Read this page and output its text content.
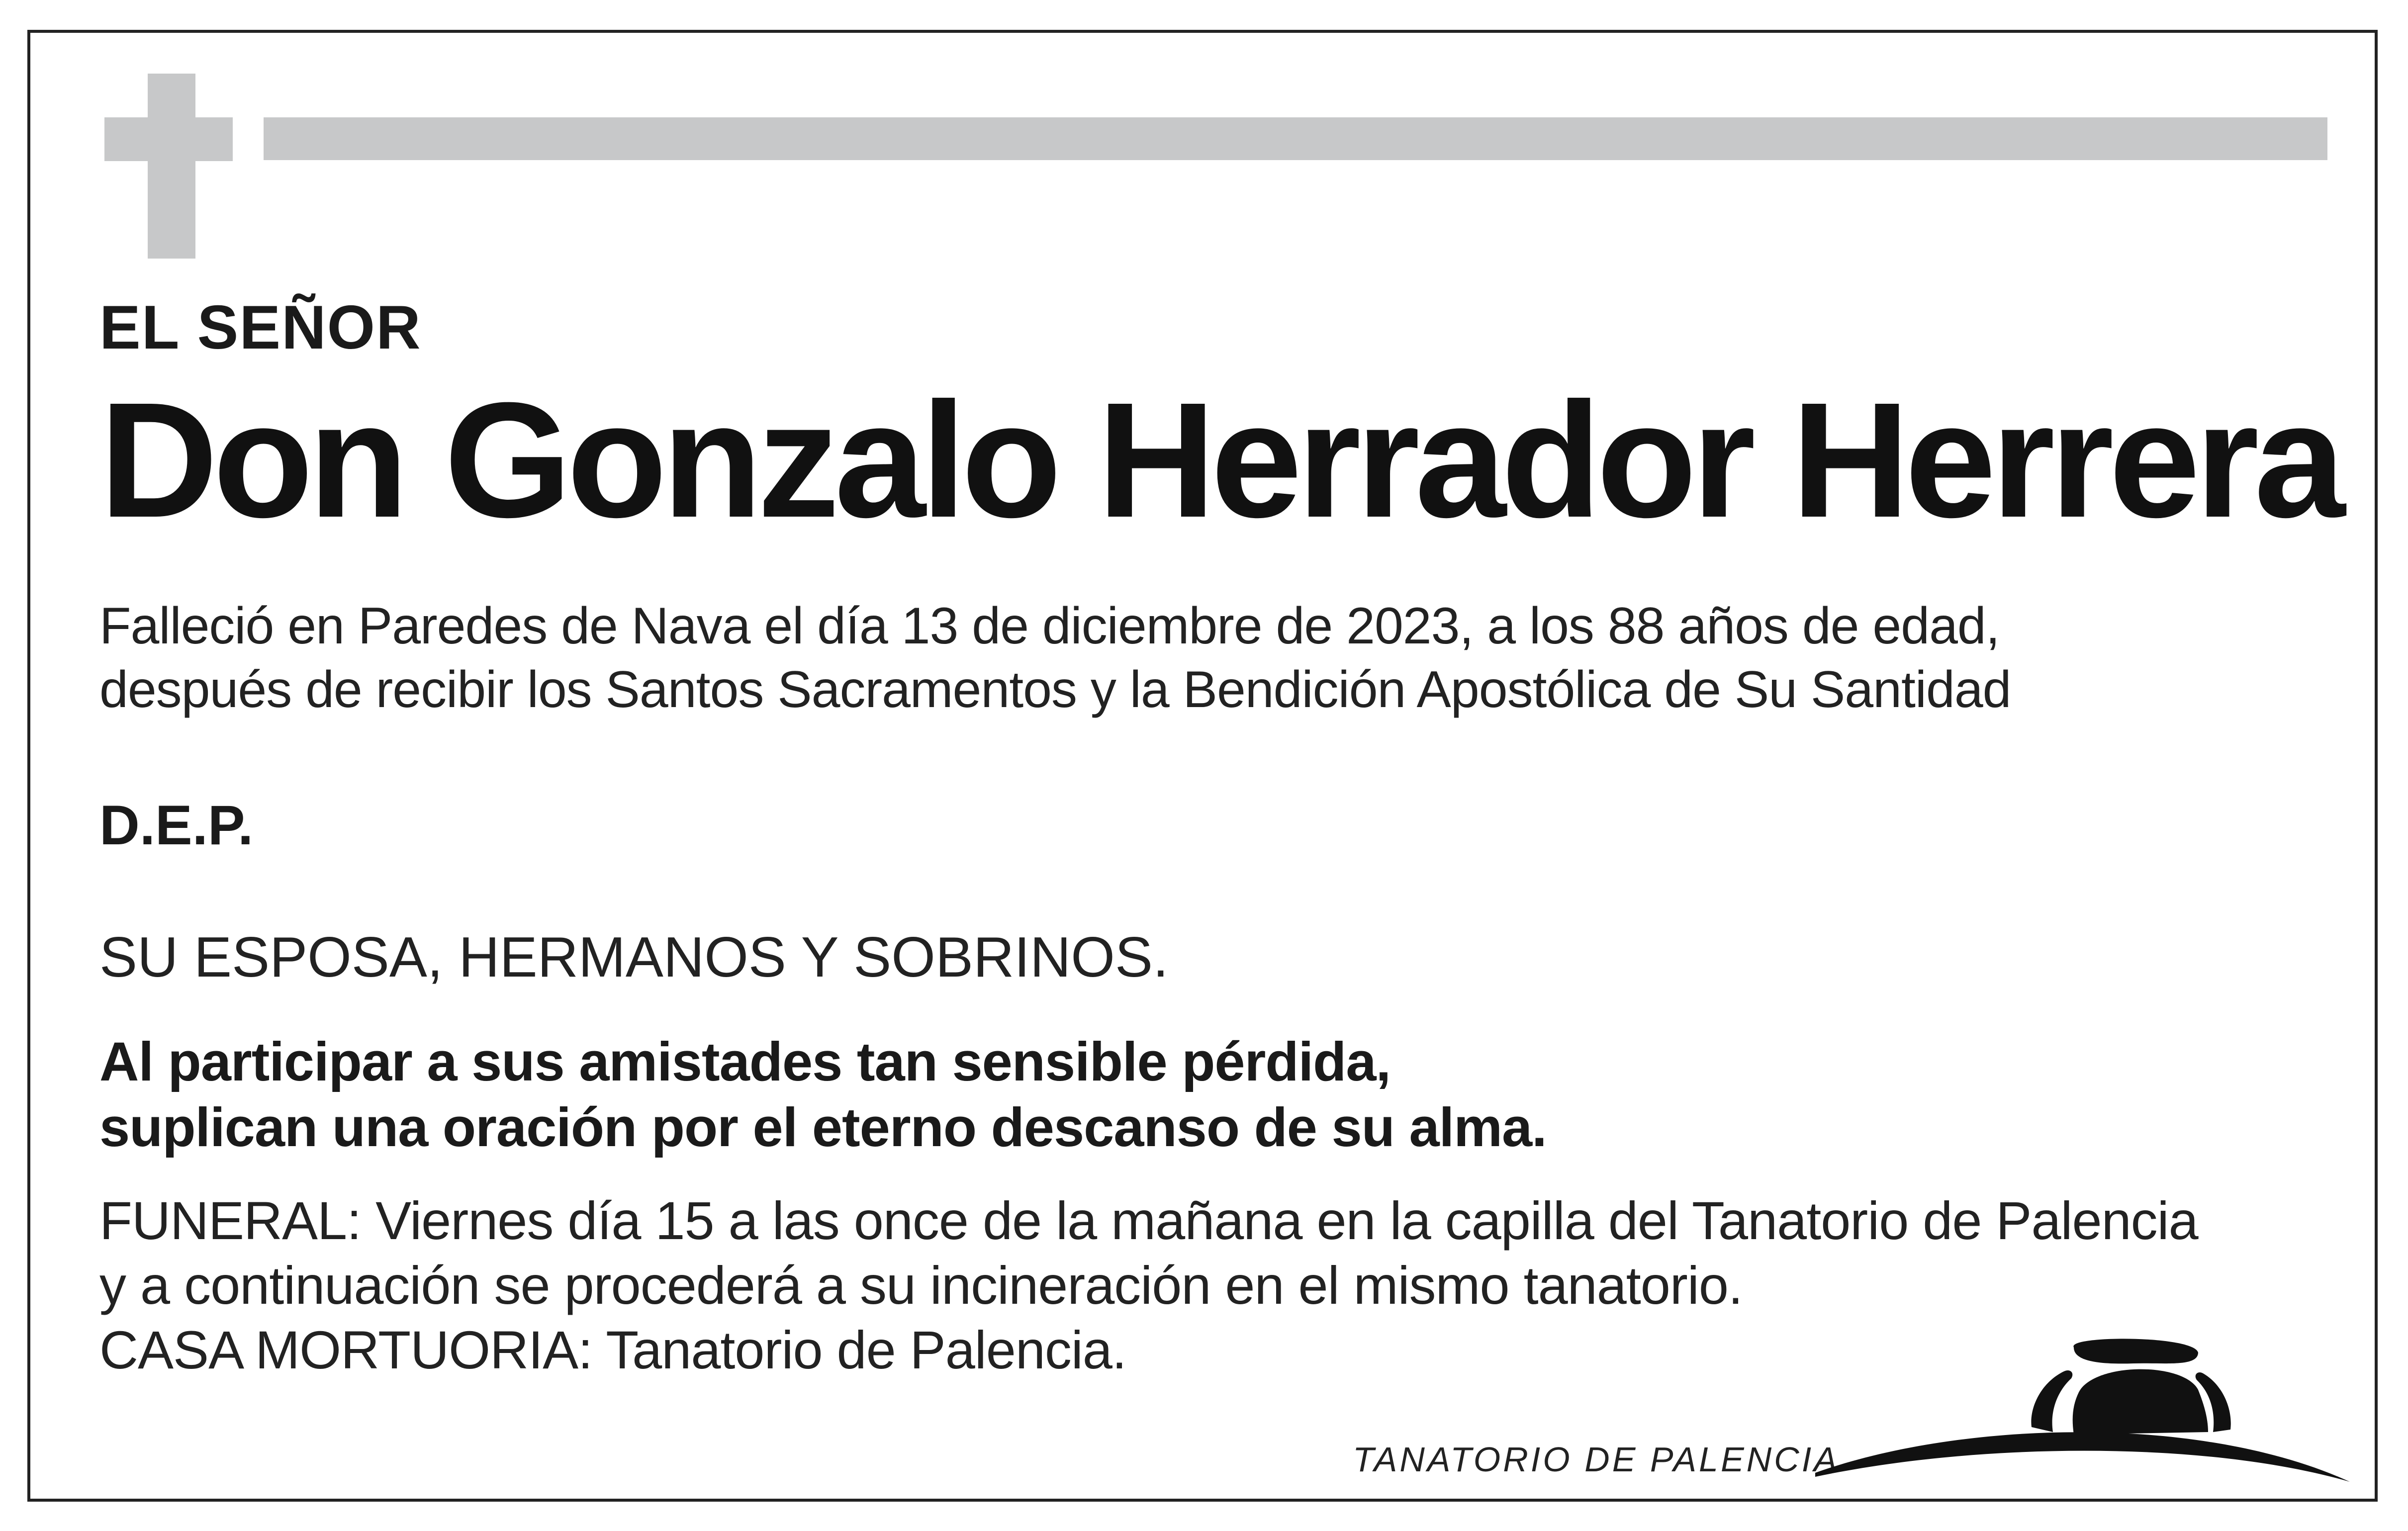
EL SEÑOR

Don Gonzalo Herrador Herrera

Falleció en Paredes de Nava el día 13 de diciembre de 2023, a los 88 años de edad,
después de recibir los Santos Sacramentos y la Bendición Apostólica de Su Santidad

D.E.P.

SU ESPOSA, HERMANOS Y SOBRINOS.

Al participar a sus amistades tan sensible pérdida,
suplican una oración por el eterno descanso de su alma.
FUNERAL: Viernes día 15 a las once de la mañana en la capilla del Tanatorio de Palencia
y a continuación se procederá a su incineración en el mismo tanatorio.
CASA MORTUORIA: Tanatorio de Palencia.
TANATORIO DE PALENCIA
